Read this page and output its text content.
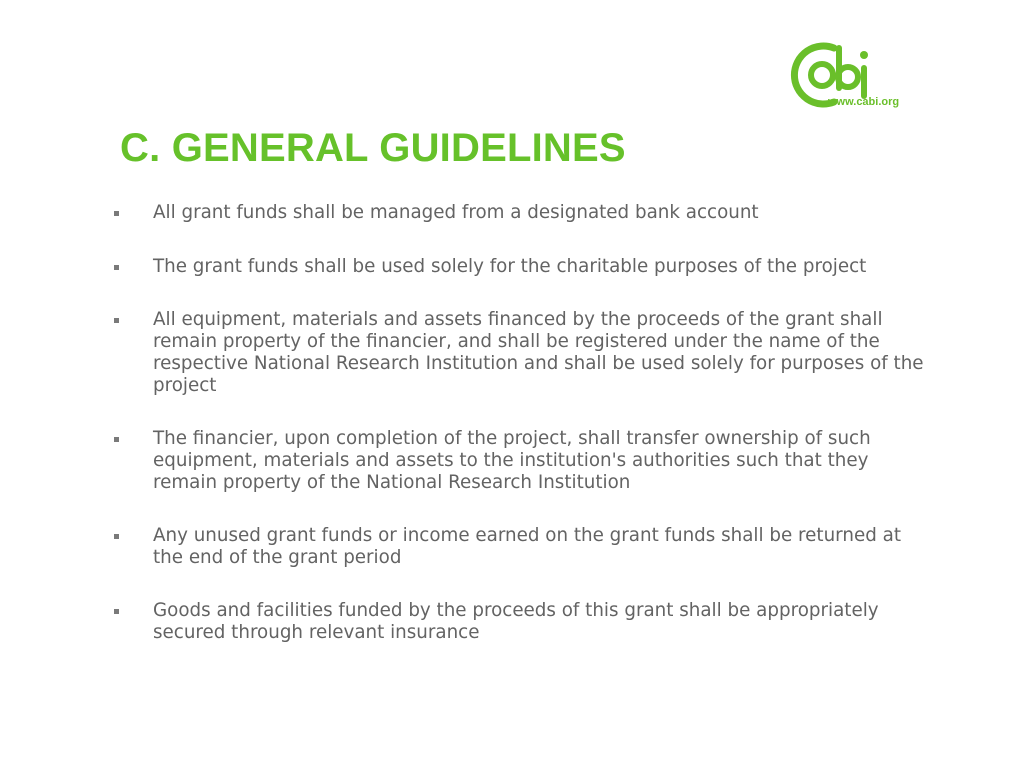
www.cabi.org
C. GENERAL GUIDELINES
All grant funds shall be managed from a designated bank account
The grant funds shall be used solely for the charitable purposes of the project
All equipment, materials and assets financed by the proceeds of the grant shall remain property of the financier, and shall be registered under the name of the respective National Research Institution and shall be used solely for purposes of the project
The financier, upon completion of the project, shall transfer ownership of such equipment, materials and assets to the institution's authorities such that they remain property of the National Research Institution
Any unused grant funds or income earned on the grant funds shall be returned at the end of the grant period
Goods and facilities funded by the proceeds of this grant shall be appropriately secured through relevant insurance
